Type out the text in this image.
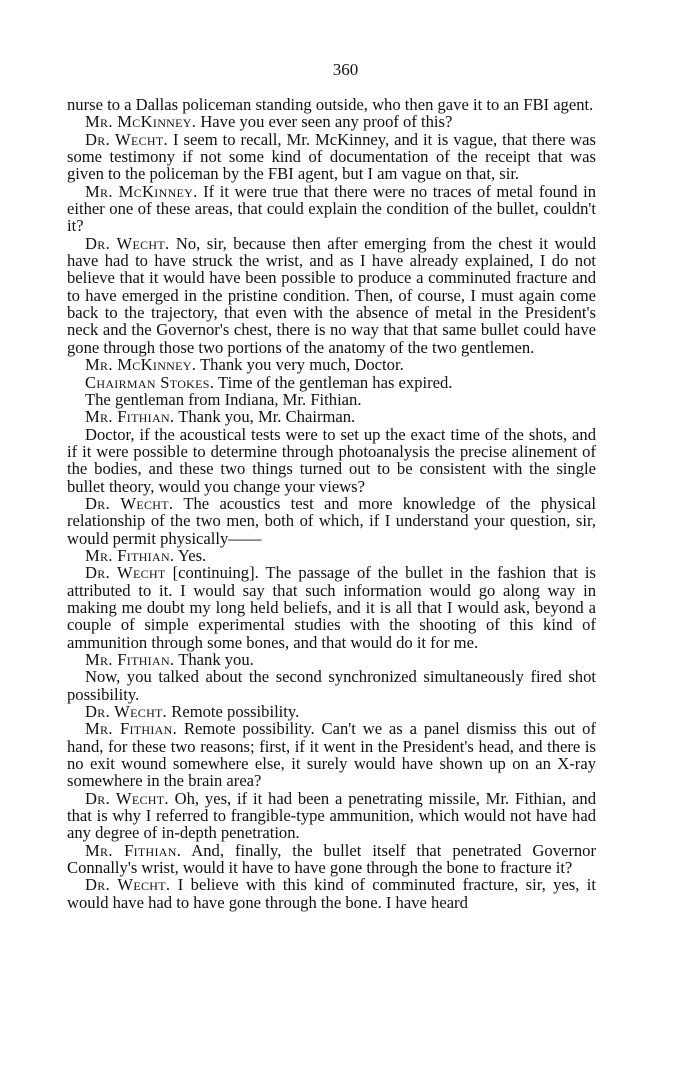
360

nurse to a Dallas policeman standing outside, who then gave it to an FBI agent.

Mr. McKinney. Have you ever seen any proof of this?

Dr. Wecht. I seem to recall, Mr. McKinney, and it is vague, that there was some testimony if not some kind of documentation of the receipt that was given to the policeman by the FBI agent, but I am vague on that, sir.

Mr. McKinney. If it were true that there were no traces of metal found in either one of these areas, that could explain the condition of the bullet, couldn't it?

Dr. Wecht. No, sir, because then after emerging from the chest it would have had to have struck the wrist, and as I have already explained, I do not believe that it would have been possible to produce a comminuted fracture and to have emerged in the pristine condition. Then, of course, I must again come back to the trajectory, that even with the absence of metal in the President's neck and the Governor's chest, there is no way that that same bullet could have gone through those two portions of the anatomy of the two gentlemen.

Mr. McKinney. Thank you very much, Doctor.

Chairman Stokes. Time of the gentleman has expired.

The gentleman from Indiana, Mr. Fithian.

Mr. Fithian. Thank you, Mr. Chairman.

Doctor, if the acoustical tests were to set up the exact time of the shots, and if it were possible to determine through photoanalysis the precise alinement of the bodies, and these two things turned out to be consistent with the single bullet theory, would you change your views?

Dr. Wecht. The acoustics test and more knowledge of the physical relationship of the two men, both of which, if I understand your question, sir, would permit physically——

Mr. Fithian. Yes.

Dr. Wecht [continuing]. The passage of the bullet in the fashion that is attributed to it. I would say that such information would go along way in making me doubt my long held beliefs, and it is all that I would ask, beyond a couple of simple experimental studies with the shooting of this kind of ammunition through some bones, and that would do it for me.

Mr. Fithian. Thank you.

Now, you talked about the second synchronized simultaneously fired shot possibility.

Dr. Wecht. Remote possibility.

Mr. Fithian. Remote possibility. Can't we as a panel dismiss this out of hand, for these two reasons; first, if it went in the President's head, and there is no exit wound somewhere else, it surely would have shown up on an X-ray somewhere in the brain area?

Dr. Wecht. Oh, yes, if it had been a penetrating missile, Mr. Fithian, and that is why I referred to frangible-type ammunition, which would not have had any degree of in-depth penetration.

Mr. Fithian. And, finally, the bullet itself that penetrated Governor Connally's wrist, would it have to have gone through the bone to fracture it?

Dr. Wecht. I believe with this kind of comminuted fracture, sir, yes, it would have had to have gone through the bone. I have heard
